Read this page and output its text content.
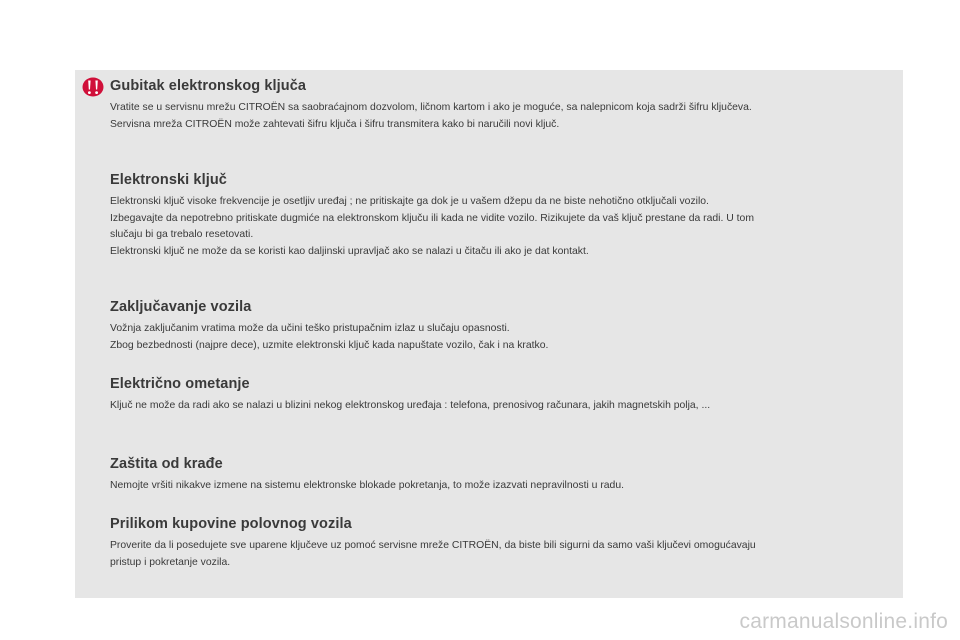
Gubitak elektronskog ključa

Vratite se u servisnu mrežu CITROËN sa saobraćajnom dozvolom, ličnom kartom i ako je moguće, sa nalepnicom koja sadrži šifru ključeva.
Servisna mreža CITROËN može zahtevati šifru ključa i šifru transmitera kako bi naručili novi ključ.

Elektronski ključ

Elektronski ključ visoke frekvencije je osetljiv uređaj ; ne pritiskajte ga dok je u vašem džepu da ne biste nehotično otključali vozilo.
Izbegavajte da nepotrebno pritiskate dugmiće na elektronskom ključu ili kada ne vidite vozilo. Rizikujete da vaš ključ prestane da radi. U tom
slučaju bi ga trebalo resetovati.
Elektronski ključ ne može da se koristi kao daljinski upravljač ako se nalazi u čitaču ili ako je dat kontakt.

Zaključavanje vozila

Vožnja zaključanim vratima može da učini teško pristupačnim izlaz u slučaju opasnosti.
Zbog bezbednosti (najpre dece), uzmite elektronski ključ kada napuštate vozilo, čak i na kratko.

Električno ometanje

Ključ ne može da radi ako se nalazi u blizini nekog elektronskog uređaja : telefona, prenosivog računara, jakih magnetskih polja, ...

Zaštita od krađe

Nemojte vršiti nikakve izmene na sistemu elektronske blokade pokretanja, to može izazvati nepravilnosti u radu.

Prilikom kupovine polovnog vozila

Proverite da li posedujete sve uparene ključeve uz pomoć servisne mreže CITROËN, da biste bili sigurni da samo vaši ključevi omogućavaju
pristup i pokretanje vozila.

carmanualsonline.info
